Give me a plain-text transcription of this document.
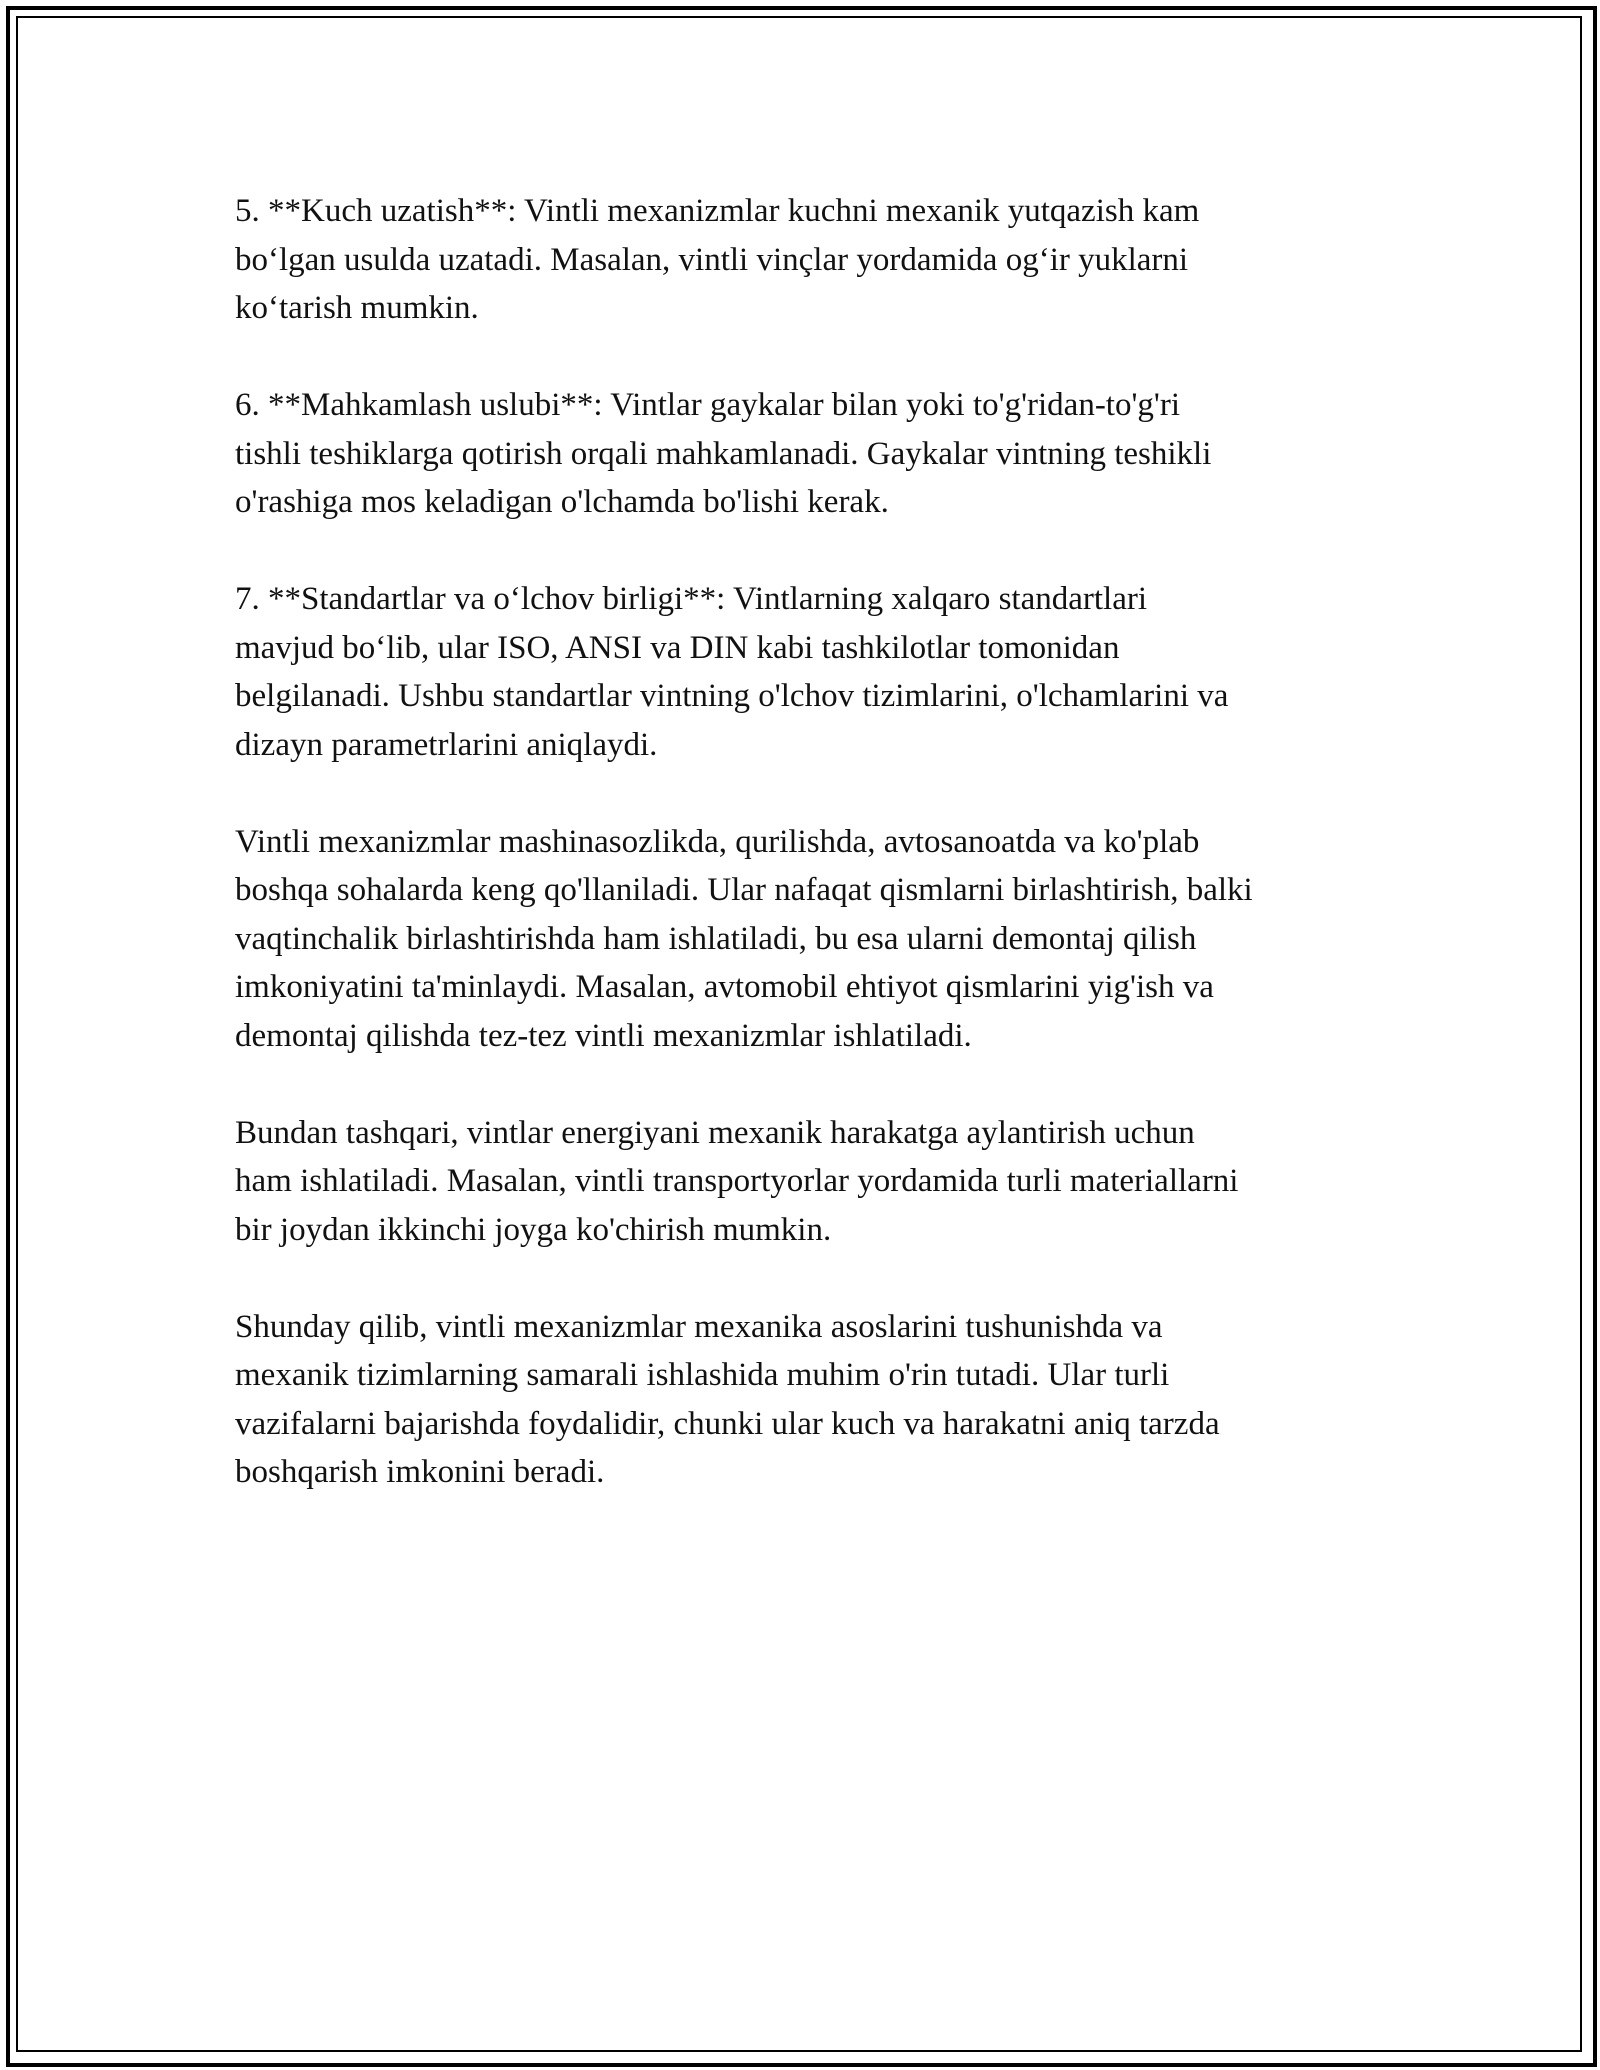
5. **Kuch uzatish**: Vintli mexanizmlar kuchni mexanik yutqazish kam
bo‘lgan usulda uzatadi. Masalan, vintli vinçlar yordamida og‘ir yuklarni
ko‘tarish mumkin.

6. **Mahkamlash uslubi**: Vintlar gaykalar bilan yoki to'g'ridan-to'g'ri
tishli teshiklarga qotirish orqali mahkamlanadi. Gaykalar vintning teshikli
o'rashiga mos keladigan o'lchamda bo'lishi kerak.

7. **Standartlar va o‘lchov birligi**: Vintlarning xalqaro standartlari
mavjud bo‘lib, ular ISO, ANSI va DIN kabi tashkilotlar tomonidan
belgilanadi. Ushbu standartlar vintning o'lchov tizimlarini, o'lchamlarini va
dizayn parametrlarini aniqlaydi.

Vintli mexanizmlar mashinasozlikda, qurilishda, avtosanoatda va ko'plab
boshqa sohalarda keng qo'llaniladi. Ular nafaqat qismlarni birlashtirish, balki
vaqtinchalik birlashtirishda ham ishlatiladi, bu esa ularni demontaj qilish
imkoniyatini ta'minlaydi. Masalan, avtomobil ehtiyot qismlarini yig'ish va
demontaj qilishda tez-tez vintli mexanizmlar ishlatiladi.

Bundan tashqari, vintlar energiyani mexanik harakatga aylantirish uchun
ham ishlatiladi. Masalan, vintli transportyorlar yordamida turli materiallarni
bir joydan ikkinchi joyga ko'chirish mumkin.

Shunday qilib, vintli mexanizmlar mexanika asoslarini tushunishda va
mexanik tizimlarning samarali ishlashida muhim o'rin tutadi. Ular turli
vazifalarni bajarishda foydalidir, chunki ular kuch va harakatni aniq tarzda
boshqarish imkonini beradi.
